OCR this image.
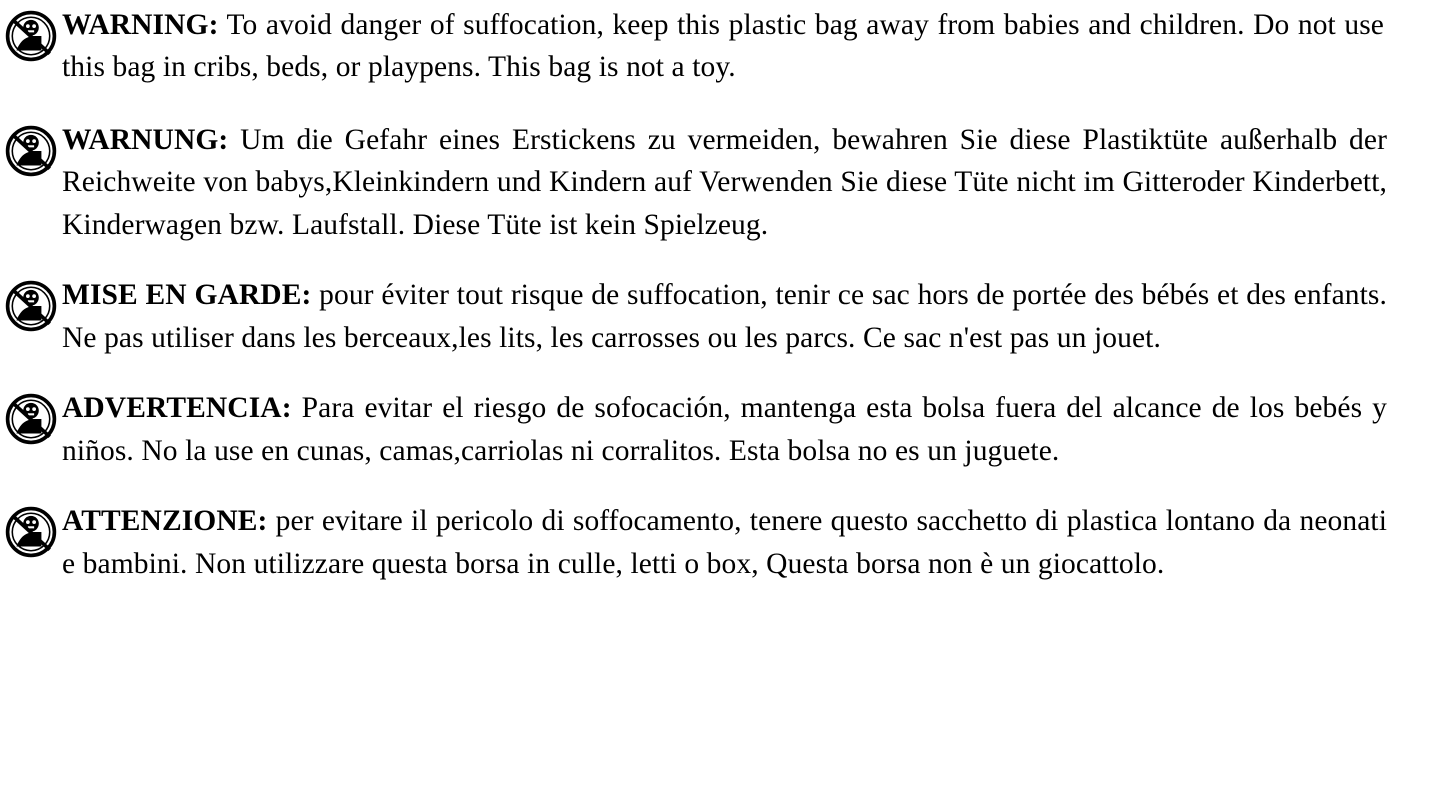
WARNING: To avoid danger of suffocation, keep this plastic bag away from babies and children. Do not use this bag in cribs, beds, or playpens. This bag is not a toy.

WARNUNG: Um die Gefahr eines Erstickens zu vermeiden, bewahren Sie diese Plastiktüte außerhalb der Reichweite von babys,Kleinkindern und Kindern auf Verwenden Sie diese Tüte nicht im Gitteroder Kinderbett, Kinderwagen bzw. Laufstall. Diese Tüte ist kein Spielzeug.

MISE EN GARDE: pour éviter tout risque de suffocation, tenir ce sac hors de portée des bébés et des enfants. Ne pas utiliser dans les berceaux,les lits, les carrosses ou les parcs. Ce sac n'est pas un jouet.

ADVERTENCIA: Para evitar el riesgo de sofocación, mantenga esta bolsa fuera del alcance de los bebés y niños. No la use en cunas, camas,carriolas ni corralitos. Esta bolsa no es un juguete.

ATTENZIONE: per evitare il pericolo di soffocamento, tenere questo sacchetto di plastica lontano da neonati e bambini. Non utilizzare questa borsa in culle, letti o box, Questa borsa non è un giocattolo.
